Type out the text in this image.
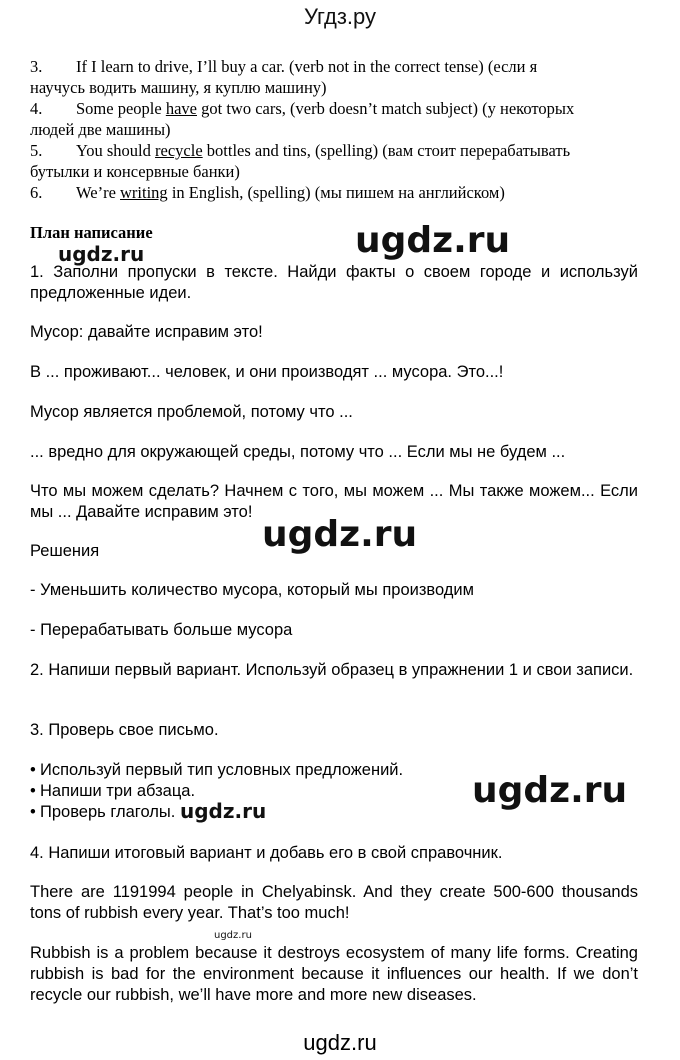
Угдз.ру
3. If I learn to drive, I’ll buy a car. (verb not in the correct tense) (если я
научусь водить машину, я куплю машину)
4. Some people have got two cars, (verb doesn’t match subject) (у некоторых
людей две машины)
5. You should recycle bottles and tins, (spelling) (вам стоит перерабатывать
бутылки и консервные банки)
6. We’re writing in English, (spelling) (мы пишем на английском)
План написание
ugdz.ru	ugdz.ru
1. Заполни пропуски в тексте. Найди факты о своем городе и используй предложенные идеи.
Мусор: давайте исправим это!
В ... проживают... человек, и они производят ... мусора. Это...!
Мусор является проблемой, потому что ...
... вредно для окружающей среды, потому что ... Если мы не будем ...
Что мы можем сделать? Начнем с того, мы можем ... Мы также можем... Если мы ... Давайте исправим это!
ugdz.ru
Решения
- Уменьшить количество мусора, который мы производим
- Перерабатывать больше мусора
2. Напиши первый вариант. Используй образец в упражнении 1 и свои записи.
3. Проверь свое письмо.
• Используй первый тип условных предложений.
• Напиши три абзаца.
• Проверь глаголы. ugdz.ru	ugdz.ru
4. Напиши итоговый вариант и добавь его в свой справочник.
There are 1191994 people in Chelyabinsk. And they create 500-600 thousands tons of rubbish every year. That’s too much!
ugdz.ru
Rubbish is a problem because it destroys ecosystem of many life forms. Creating rubbish is bad for the environment because it influences our health. If we don’t recycle our rubbish, we’ll have more and more new diseases.
ugdz.ru
